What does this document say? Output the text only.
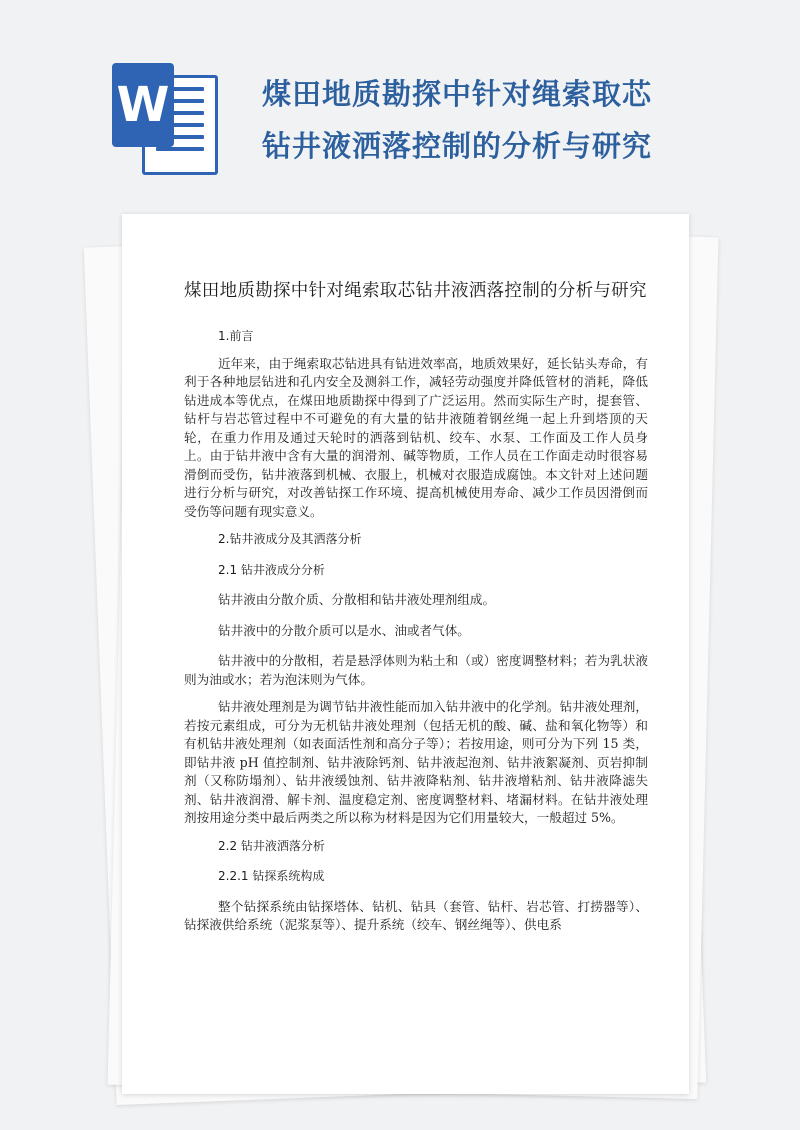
W	煤田地质勘探中针对绳索取芯
钻井液洒落控制的分析与研究
煤田地质勘探中针对绳索取芯钻井液洒落控制的分析与研究

1.前言

近年来，由于绳索取芯钻进具有钻进效率高，地质效果好，延长钻头寿命，有利于各种地层钻进和孔内安全及测斜工作，减轻劳动强度并降低管材的消耗，降低钻进成本等优点，在煤田地质勘探中得到了广泛运用。然而实际生产时，提套管、钻杆与岩芯管过程中不可避免的有大量的钻井液随着钢丝绳一起上升到塔顶的天轮，在重力作用及通过天轮时的洒落到钻机、绞车、水泵、工作面及工作人员身上。由于钻井液中含有大量的润滑剂、碱等物质，工作人员在工作面走动时很容易滑倒而受伤，钻井液落到机械、衣服上，机械对衣服造成腐蚀。本文针对上述问题进行分析与研究，对改善钻探工作环境、提高机械使用寿命、减少工作员因滑倒而受伤等问题有现实意义。

2.钻井液成分及其洒落分析

2.1 钻井液成分分析

钻井液由分散介质、分散相和钻井液处理剂组成。

钻井液中的分散介质可以是水、油或者气体。

钻井液中的分散相，若是悬浮体则为粘土和（或）密度调整材料；若为乳状液则为油或水；若为泡沫则为气体。

钻井液处理剂是为调节钻井液性能而加入钻井液中的化学剂。钻井液处理剂，若按元素组成，可分为无机钻井液处理剂（包括无机的酸、碱、盐和氧化物等）和有机钻井液处理剂（如表面活性剂和高分子等）；若按用途，则可分为下列 15 类，即钻井液 pH 值控制剂、钻井液除钙剂、钻井液起泡剂、钻井液絮凝剂、页岩抑制剂（又称防塌剂）、钻井液缓蚀剂、钻井液降粘剂、钻井液增粘剂、钻井液降滤失剂、钻井液润滑、解卡剂、温度稳定剂、密度调整材料、堵漏材料。在钻井液处理剂按用途分类中最后两类之所以称为材料是因为它们用量较大，一般超过 5%。

2.2 钻井液洒落分析

2.2.1 钻探系统构成

整个钻探系统由钻探塔体、钻机、钻具（套管、钻杆、岩芯管、打捞器等）、钻探液供给系统（泥浆泵等）、提升系统（绞车、钢丝绳等）、供电系
